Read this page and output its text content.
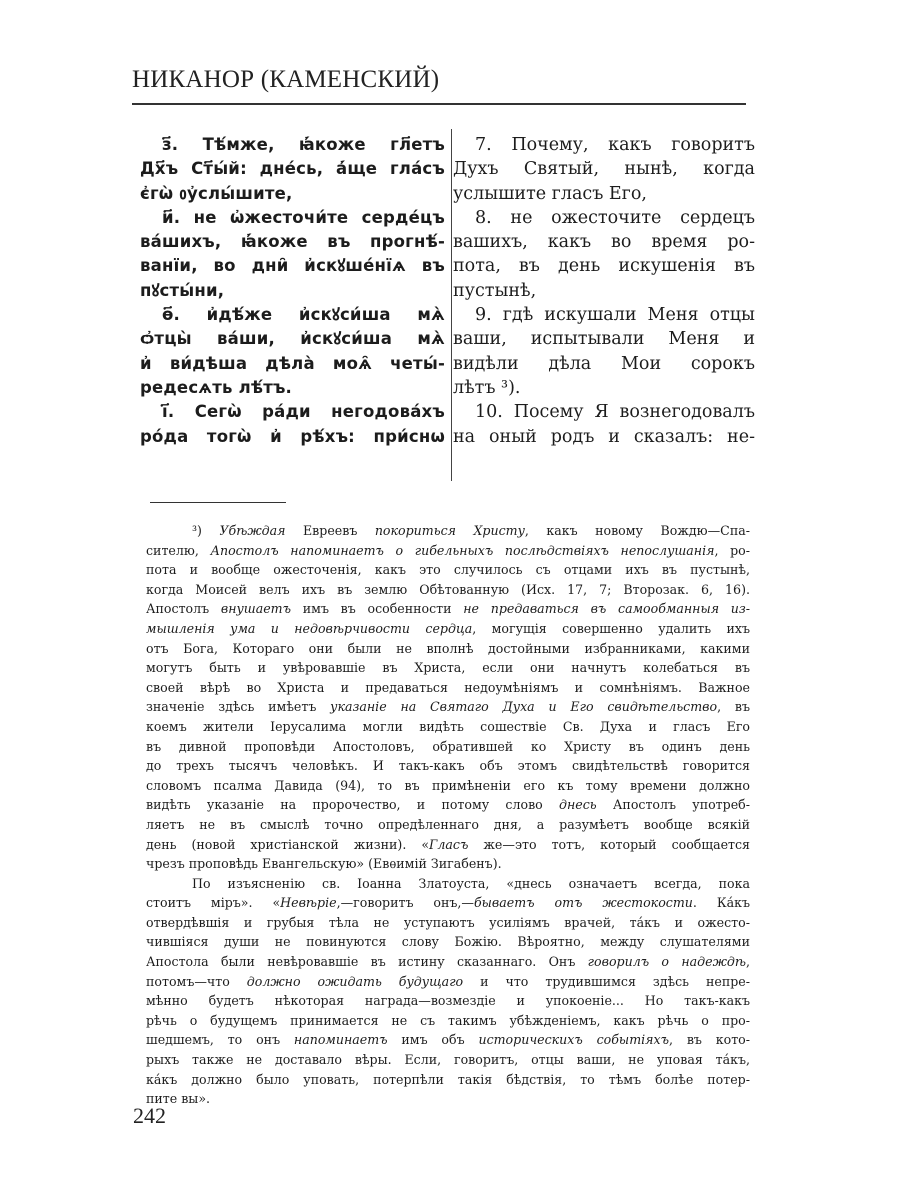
НИКАНОР (КАМЕНСКИЙ)
з҃. Тѣ́мже, ꙗ҆́коже гл҃етъ
Дх҃ъ Ст҃ы́й: дне́сь, а҆́ще гла́съ
є҆гѡ̀ ᲂу҆слы́шите,
и҃. не ѡ҆жесточи́те серде́цъ
ва́шихъ, ꙗ҆́коже въ прогнѣ́-
ванїи, во дни̑ и҆скꙋше́нїѧ въ
пꙋсты́ни,
ѳ҃. и҆дѣ́же и҆скꙋси́ша мѧ̀
ѻ҆тцы̀ ва́ши, и҆скꙋси́ша мѧ̀
и҆ ви́дѣша дѣла̀ моѧ̑ четы́-
редесѧть лѣ́тъ.
і҃. Сегѡ̀ ра́ди негодова́хъ
ро́да тогѡ̀ и҆ рѣ́хъ: при́снѡ
7. Почему, какъ говоритъ
Духъ Святый, нынѣ, когда
услышите гласъ Его,
8. не ожесточите сердецъ
вашихъ, какъ во время ро-
пота, въ день искушенія въ
пустынѣ,
9. гдѣ искушали Меня отцы
ваши, испытывали Меня и
видѣли дѣла Мои сорокъ
лѣтъ ³).
10. Посему Я вознегодовалъ
на оный родъ и сказалъ: не-
³) Убѣждая Евреевъ покориться Христу, какъ новому Вождю—Спа-
сителю, Апостолъ напоминаетъ о гибельныхъ послѣдствіяхъ непослушанія, ро-
пота и вообще ожесточенія, какъ это случилось съ отцами ихъ въ пустынѣ,
когда Моисей велъ ихъ въ землю Обѣтованную (Исх. 17, 7; Второзак. 6, 16).
Апостолъ внушаетъ имъ въ особенности не предаваться въ самообманныя из-
мышленія ума и недовѣрчивости сердца, могущія совершенно удалить ихъ
отъ Бога, Котораго они были не вполнѣ достойными избранниками, какими
могутъ быть и увѣровавшіе въ Христа, если они начнутъ колебаться въ
своей вѣрѣ во Христа и предаваться недоумѣніямъ и сомнѣніямъ. Важное
значеніе здѣсь имѣетъ указаніе на Святаго Духа и Его свидѣтельство, въ
коемъ жители Іерусалима могли видѣть сошествіе Св. Духа и гласъ Его
въ дивной проповѣди Апостоловъ, обратившей ко Христу въ одинъ день
до трехъ тысячъ человѣкъ. И такъ-какъ объ этомъ свидѣтельствѣ говорится
словомъ псалма Давида (94), то въ примѣненіи его къ тому времени должно
видѣть указаніе на пророчество, и потому слово днесь Апостолъ употреб-
ляетъ не въ смыслѣ точно опредѣленнаго дня, а разумѣетъ вообще всякій
день (новой христіанской жизни). «Гласъ же—это тотъ, который сообщается
чрезъ проповѣдь Евангельскую» (Евѳимій Зигабенъ).
По изъясненію св. Іоанна Златоуста, «днесь означаетъ всегда, пока
стоитъ міръ». «Невѣріе,—говоритъ онъ,—бываетъ отъ жестокости. Ка́къ
отвердѣвшія и грубыя тѣла не уступаютъ усиліямъ врачей, та́къ и ожесто-
чившіяся души не повинуются слову Божію. Вѣроятно, между слушателями
Апостола были невѣровавшіе въ истину сказаннаго. Онъ говорилъ о надеждѣ,
потомъ—что должно ожидать будущаго и что трудившимся здѣсь непре-
мѣнно будетъ нѣкоторая награда—возмездіе и упокоеніе... Но такъ-какъ
рѣчь о будущемъ принимается не съ такимъ убѣжденіемъ, какъ рѣчь о про-
шедшемъ, то онъ напоминаетъ имъ объ историческихъ событіяхъ, въ кото-
рыхъ также не доставало вѣры. Если, говоритъ, отцы ваши, не уповая та́къ,
ка́къ должно было уповать, потерпѣли такія бѣдствія, то тѣмъ болѣе потер-
пите вы».
242
